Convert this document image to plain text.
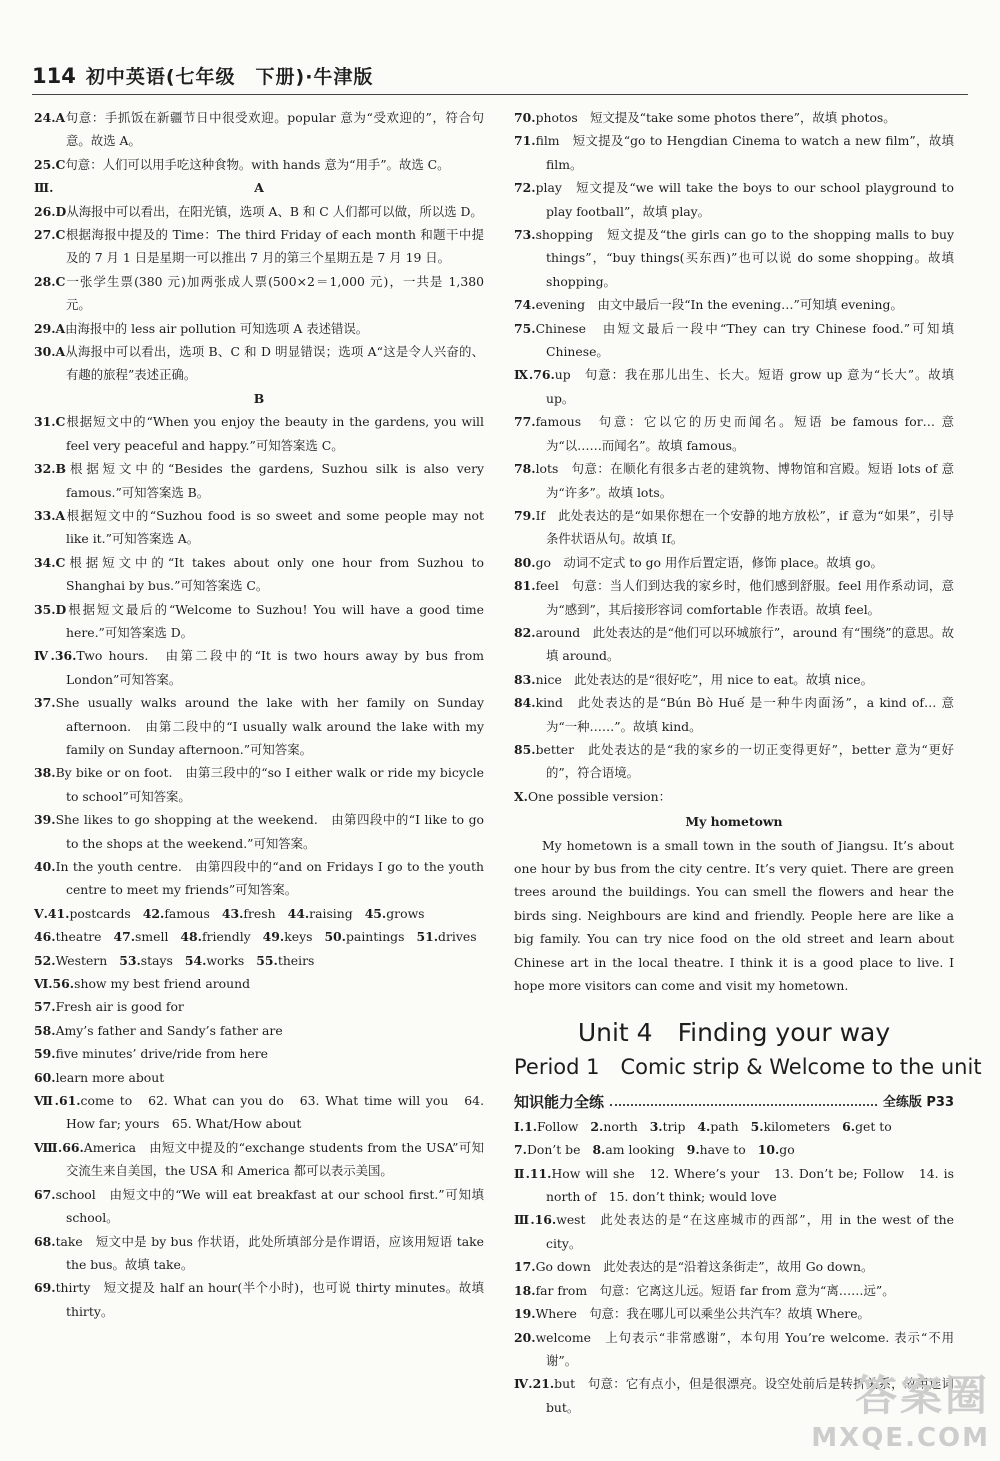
114 初中英语(七年级　下册)·牛津版

24.A句意：手抓饭在新疆节日中很受欢迎。popular 意为“受欢迎的”，符合句意。故选 A。

25.C句意：人们可以用手吃这种食物。with hands 意为“用手”。故选 C。

Ⅲ.	A

26.D从海报中可以看出，在阳光镇，选项 A、B 和 C 人们都可以做，所以选 D。

27.C根据海报中提及的 Time：The third Friday of each month 和题干中提及的 7 月 1 日是星期一可以推出 7 月的第三个星期五是 7 月 19 日。

28.C一张学生票(380 元)加两张成人票(500×2＝1,000 元)，一共是 1,380 元。

29.A由海报中的 less air pollution 可知选项 A 表述错误。

30.A从海报中可以看出，选项 B、C 和 D 明显错误；选项 A“这是令人兴奋的、有趣的旅程”表述正确。

B

31.C根据短文中的“When you enjoy the beauty in the gardens, you will feel very peaceful and happy.”可知答案选 C。

32.B根据短文中的“Besides the gardens, Suzhou silk is also very famous.”可知答案选 B。

33.A根据短文中的“Suzhou food is so sweet and some people may not like it.”可知答案选 A。

34.C根据短文中的“It takes about only one hour from Suzhou to Shanghai by bus.”可知答案选 C。

35.D根据短文最后的“Welcome to Suzhou! You will have a good time here.”可知答案选 D。

Ⅳ.36.Two hours.　由第二段中的“It is two hours away by bus from London”可知答案。

37.She usually walks around the lake with her family on Sunday afternoon.　由第二段中的“I usually walk around the lake with my family on Sunday afternoon.”可知答案。

38.By bike or on foot.　由第三段中的“so I either walk or ride my bicycle to school”可知答案。

39.She likes to go shopping at the weekend.　由第四段中的“I like to go to the shops at the weekend.”可知答案。

40.In the youth centre.　由第四段中的“and on Fridays I go to the youth centre to meet my friends”可知答案。

Ⅴ.41.postcards 42.famous 43.fresh 44.raising 45.grows
46.theatre 47.smell 48.friendly 49.keys 50.paintings 51.drives
52.Western 53.stays 54.works 55.theirs

Ⅵ.56.show my best friend around

57.Fresh air is good for

58.Amy’s father and Sandy’s father are

59.five minutes’ drive/ride from here

60.learn more about

Ⅶ.61.come to　62. What can you do　63. What time will you　64. How far; yours　65. What/How about

Ⅷ.66.America　由短文中提及的“exchange students from the USA”可知交流生来自美国，the USA 和 America 都可以表示美国。

67.school　由短文中的“We will eat breakfast at our school first.”可知填 school。

68.take　短文中是 by bus 作状语，此处所填部分是作谓语，应该用短语 take the bus。故填 take。

69.thirty　短文提及 half an hour(半个小时)，也可说 thirty minutes。故填 thirty。

70.photos　短文提及“take some photos there”，故填 photos。

71.film　短文提及“go to Hengdian Cinema to watch a new film”，故填 film。

72.play　短文提及“we will take the boys to our school playground to play football”，故填 play。

73.shopping　短文提及“the girls can go to the shopping malls to buy things”，“buy things(买东西)”也可以说 do some shopping。故填 shopping。

74.evening　由文中最后一段“In the evening…”可知填 evening。

75.Chinese　由短文最后一段中“They can try Chinese food.”可知填 Chinese。

Ⅸ.76.up　句意：我在那儿出生、长大。短语 grow up 意为“长大”。故填 up。

77.famous　句意：它以它的历史而闻名。短语 be famous for… 意为“以……而闻名”。故填 famous。

78.lots　句意：在顺化有很多古老的建筑物、博物馆和宫殿。短语 lots of 意为“许多”。故填 lots。

79.If　此处表达的是“如果你想在一个安静的地方放松”，if 意为“如果”，引导条件状语从句。故填 If。

80.go　动词不定式 to go 用作后置定语，修饰 place。故填 go。

81.feel　句意：当人们到达我的家乡时，他们感到舒服。feel 用作系动词，意为“感到”，其后接形容词 comfortable 作表语。故填 feel。

82.around　此处表达的是“他们可以环城旅行”，around 有“围绕”的意思。故填 around。

83.nice　此处表达的是“很好吃”，用 nice to eat。故填 nice。

84.kind　此处表达的是“Bún Bò Huế 是一种牛肉面汤”，a kind of… 意为“一种……”。故填 kind。

85.better　此处表达的是“我的家乡的一切正变得更好”，better 意为“更好的”，符合语境。

Ⅹ.One possible version：

My hometown

My hometown is a small town in the south of Jiangsu. It’s about one hour by bus from the city centre. It’s very quiet. There are green trees around the buildings. You can smell the flowers and hear the birds sing. Neighbours are kind and friendly. People here are like a big family. You can try nice food on the old street and learn about Chinese art in the local theatre. I think it is a good place to live. I hope more visitors can come and visit my hometown.

Unit 4　Finding your way
Period 1　Comic strip & Welcome to the unit
知识能力全练	全练版 P33
Ⅰ.1.Follow 2.north 3.trip 4.path 5.kilometers 6.get to
7.Don’t be 8.am looking 9.have to 10.go

Ⅱ.11.How will she　12. Where’s your　13. Don’t be; Follow　14. is north of　15. don’t think; would love

Ⅲ.16.west　此处表达的是“在这座城市的西部”，用 in the west of the city。

17.Go down　此处表达的是“沿着这条街走”，故用 Go down。

18.far from　句意：它离这儿远。短语 far from 意为“离……远”。

19.Where　句意：我在哪儿可以乘坐公共汽车？故填 Where。

20.welcome　上句表示“非常感谢”，本句用 You’re welcome. 表示“不用谢”。

Ⅳ.21.but　句意：它有点小，但是很漂亮。设空处前后是转折关系，故用连词 but。	答案圈
MXQE.COM
